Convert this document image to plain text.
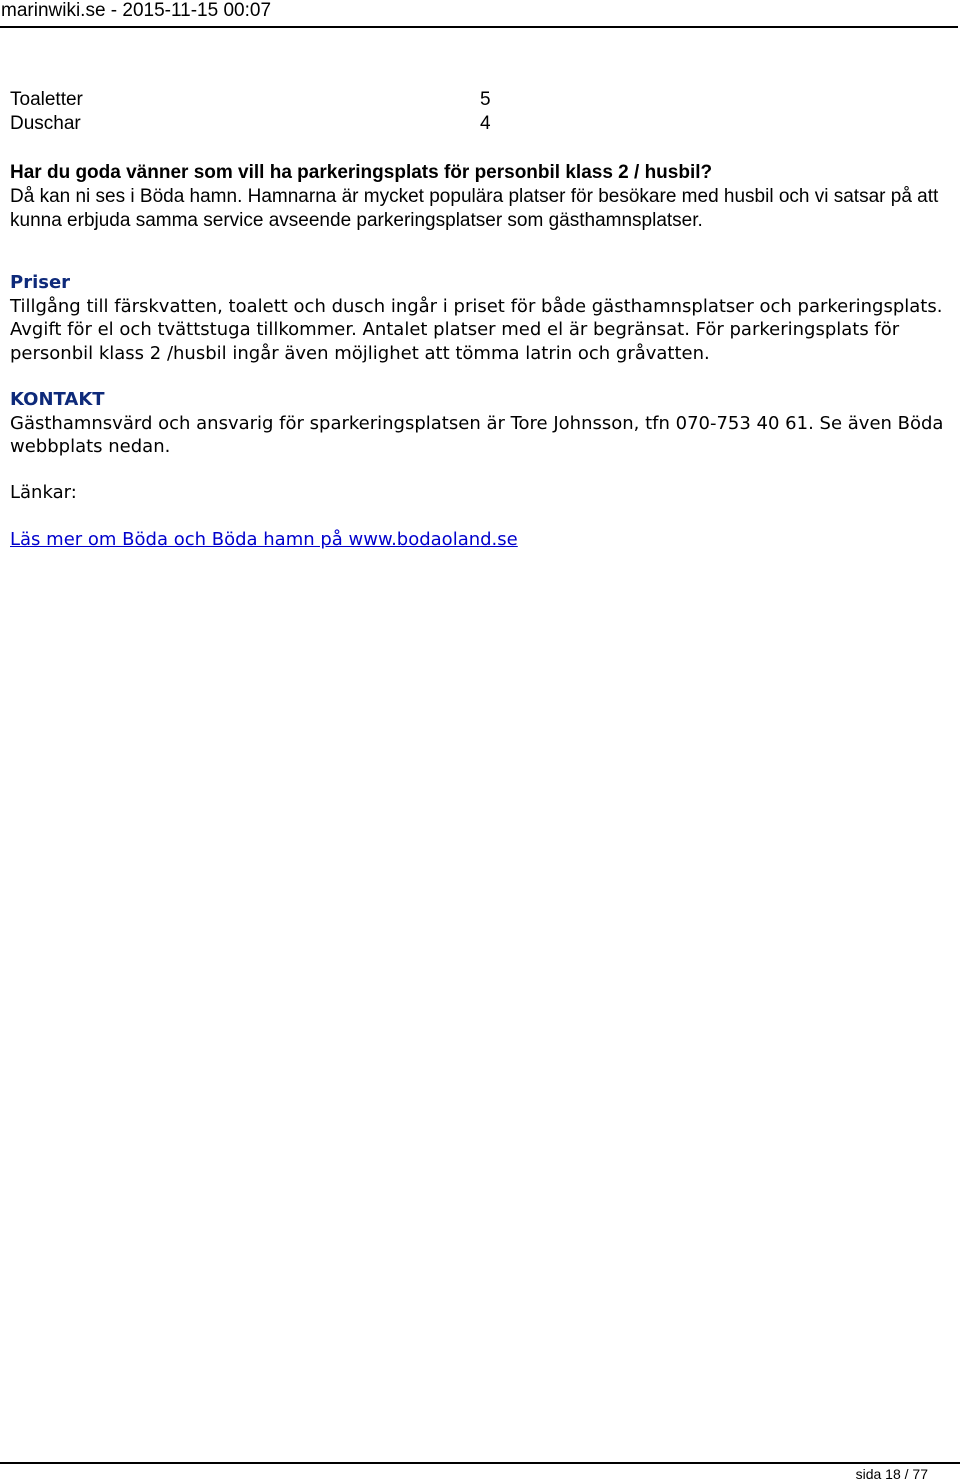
marinwiki.se - 2015-11-15 00:07
Toaletter	5
Duschar	4
Har du goda vänner som vill ha parkeringsplats för personbil klass 2 / husbil?
Då kan ni ses i Böda hamn. Hamnarna är mycket populära platser för besökare med husbil och vi satsar på att kunna erbjuda samma service avseende parkeringsplatser som gästhamnsplatser.
Priser
Tillgång till färskvatten, toalett och dusch ingår i priset för både gästhamnsplatser och parkeringsplats. Avgift för el och tvättstuga tillkommer. Antalet platser med el är begränsat. För parkeringsplats för personbil klass 2 /husbil ingår även möjlighet att tömma latrin och gråvatten.
KONTAKT
Gästhamnsvärd och ansvarig för sparkeringsplatsen är Tore Johnsson, tfn 070-753 40 61. Se även Böda webbplats nedan.
Länkar:
Läs mer om Böda och Böda hamn på www.bodaoland.se
sida 18 / 77
